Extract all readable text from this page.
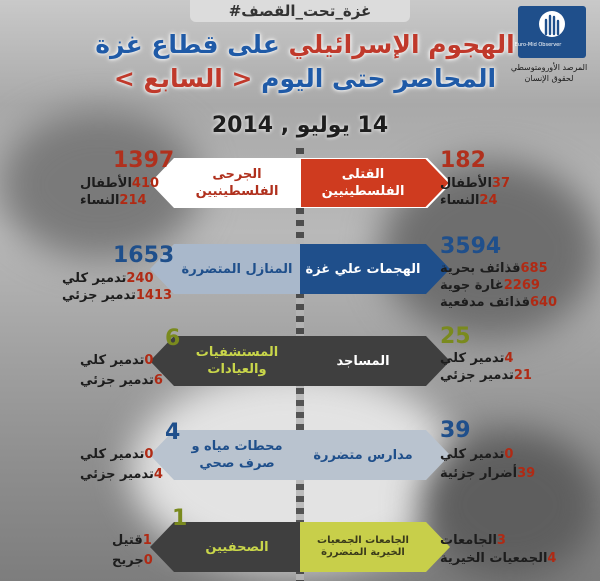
#غزة_تحت_القصف
الهجوم الإسرائيلي على قطاع غزة
المحاصر حتى اليوم < السابع >
14 يوليو , 2014
Euro-Mid Observer
المرصد الأورومتوسطي لحقوق الإنسان
القتلى الفلسطينيين
الجرحى الفلسطينيين
182
37الأطفال
24النساء
1397
410الأطفال
214النساء
الهجمات علي غزة
المنازل المتضررة
3594
685قذائف بحرية
2269غارة جوية
640قذائف مدفعية
1653
240تدمير كلي
1413تدمير جزئي
المساجد
المستشفيات والعيادات
25
4تدمير كلي
21تدمير جزئي
6
0تدمير كلي
6تدمير جزئي
مدارس متضررة
محطات مياه و صرف صحي
39
0تدمير كلي
39أضرار جزئية
4
0تدمير كلي
4تدمير جزئي
الجامعات الجمعيات الخيرية المتضررة
الصحفيين	3الجامعات
4الجمعيات الخيرية
1
1قتيل
0جريح
